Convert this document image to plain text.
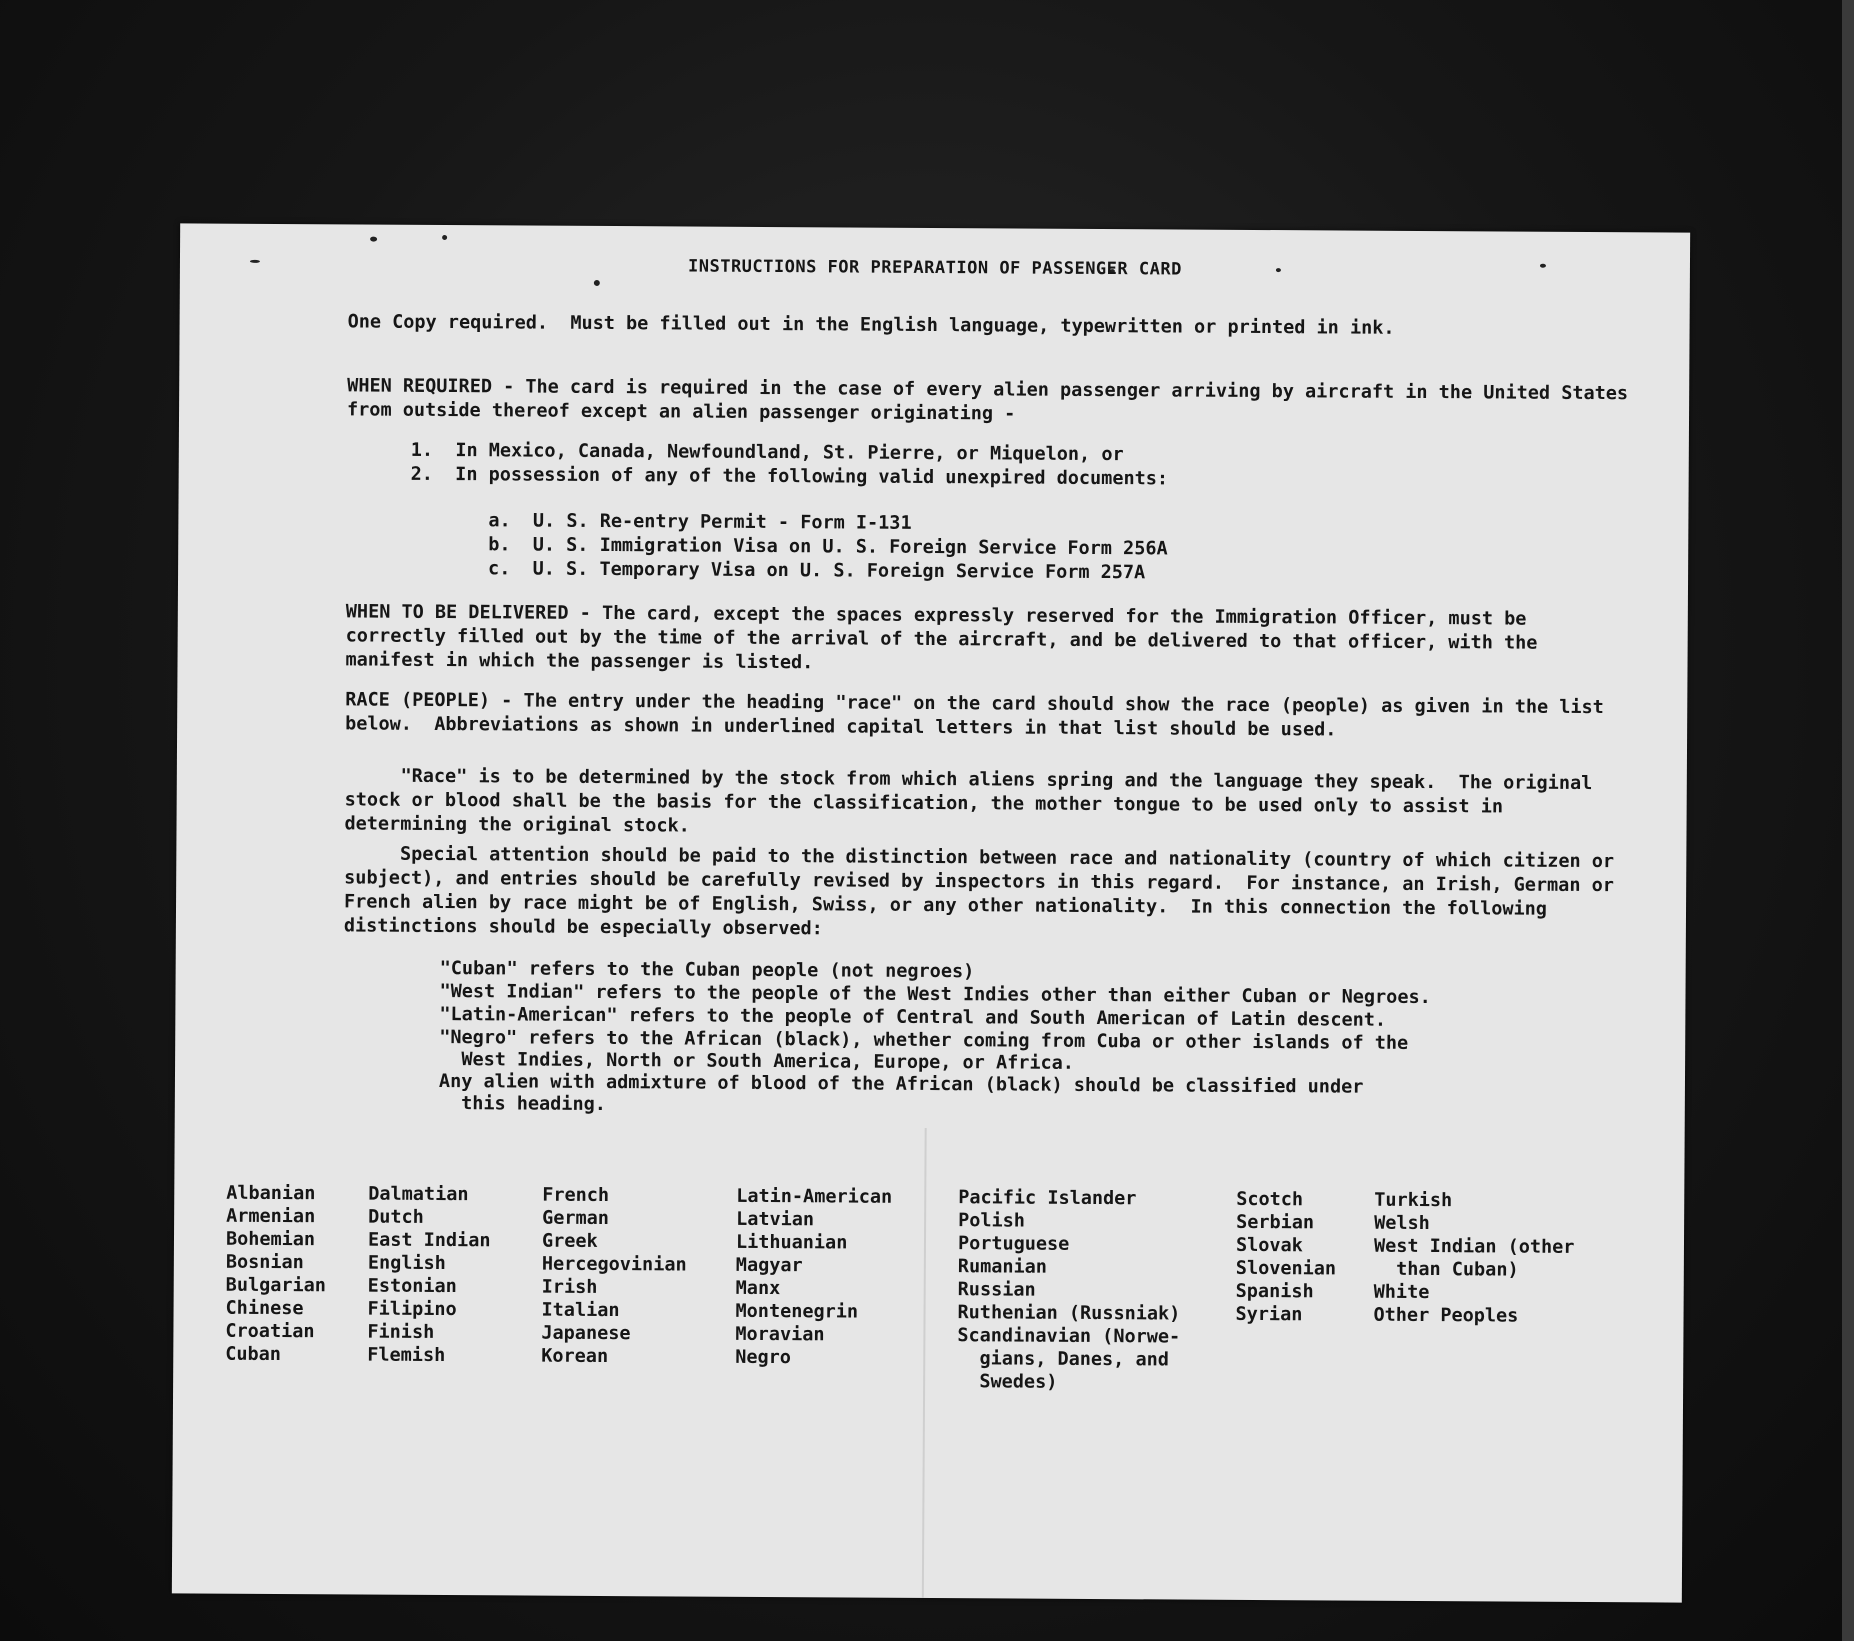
INSTRUCTIONS FOR PREPARATION OF PASSENGER CARD
One Copy required.  Must be filled out in the English language, typewritten or printed in ink.
WHEN REQUIRED - The card is required in the case of every alien passenger arriving by aircraft in the United States from outside thereof except an alien passenger originating -
1.  In Mexico, Canada, Newfoundland, St. Pierre, or Miquelon, or
2.  In possession of any of the following valid unexpired documents:
a.  U. S. Re-entry Permit - Form I-131
b.  U. S. Immigration Visa on U. S. Foreign Service Form 256A
c.  U. S. Temporary Visa on U. S. Foreign Service Form 257A
WHEN TO BE DELIVERED - The card, except the spaces expressly reserved for the Immigration Officer, must be correctly filled out by the time of the arrival of the aircraft, and be delivered to that officer, with the manifest in which the passenger is listed.
RACE (PEOPLE) - The entry under the heading "race" on the card should show the race (people) as given in the list below.  Abbreviations as shown in underlined capital letters in that list should be used.
"Race" is to be determined by the stock from which aliens spring and the language they speak.  The original stock or blood shall be the basis for the classification, the mother tongue to be used only to assist in determining the original stock.
Special attention should be paid to the distinction between race and nationality (country of which citizen or subject), and entries should be carefully revised by inspectors in this regard.  For instance, an Irish, German or French alien by race might be of English, Swiss, or any other nationality.  In this connection the following distinctions should be especially observed:
"Cuban" refers to the Cuban people (not negroes)
"West Indian" refers to the people of the West Indies other than either Cuban or Negroes.
"Latin-American" refers to the people of Central and South American of Latin descent.
"Negro" refers to the African (black), whether coming from Cuba or other islands of the
West Indies, North or South America, Europe, or Africa.
Any alien with admixture of blood of the African (black) should be classified under
this heading.
Albanian
Armenian
Bohemian
Bosnian
Bulgarian
Chinese
Croatian
Cuban
Dalmatian
Dutch
East Indian
English
Estonian
Filipino
Finish
Flemish
French
German
Greek
Hercegovinian
Irish
Italian
Japanese
Korean
Latin-American
Latvian
Lithuanian
Magyar
Manx
Montenegrin
Moravian
Negro
Pacific Islander
Polish
Portuguese
Rumanian
Russian
Ruthenian (Russniak)
Scandinavian (Norwe-
gians, Danes, and
Swedes)
Scotch
Serbian
Slovak
Slovenian
Spanish
Syrian
Turkish
Welsh
West Indian (other
than Cuban)
White
Other Peoples
